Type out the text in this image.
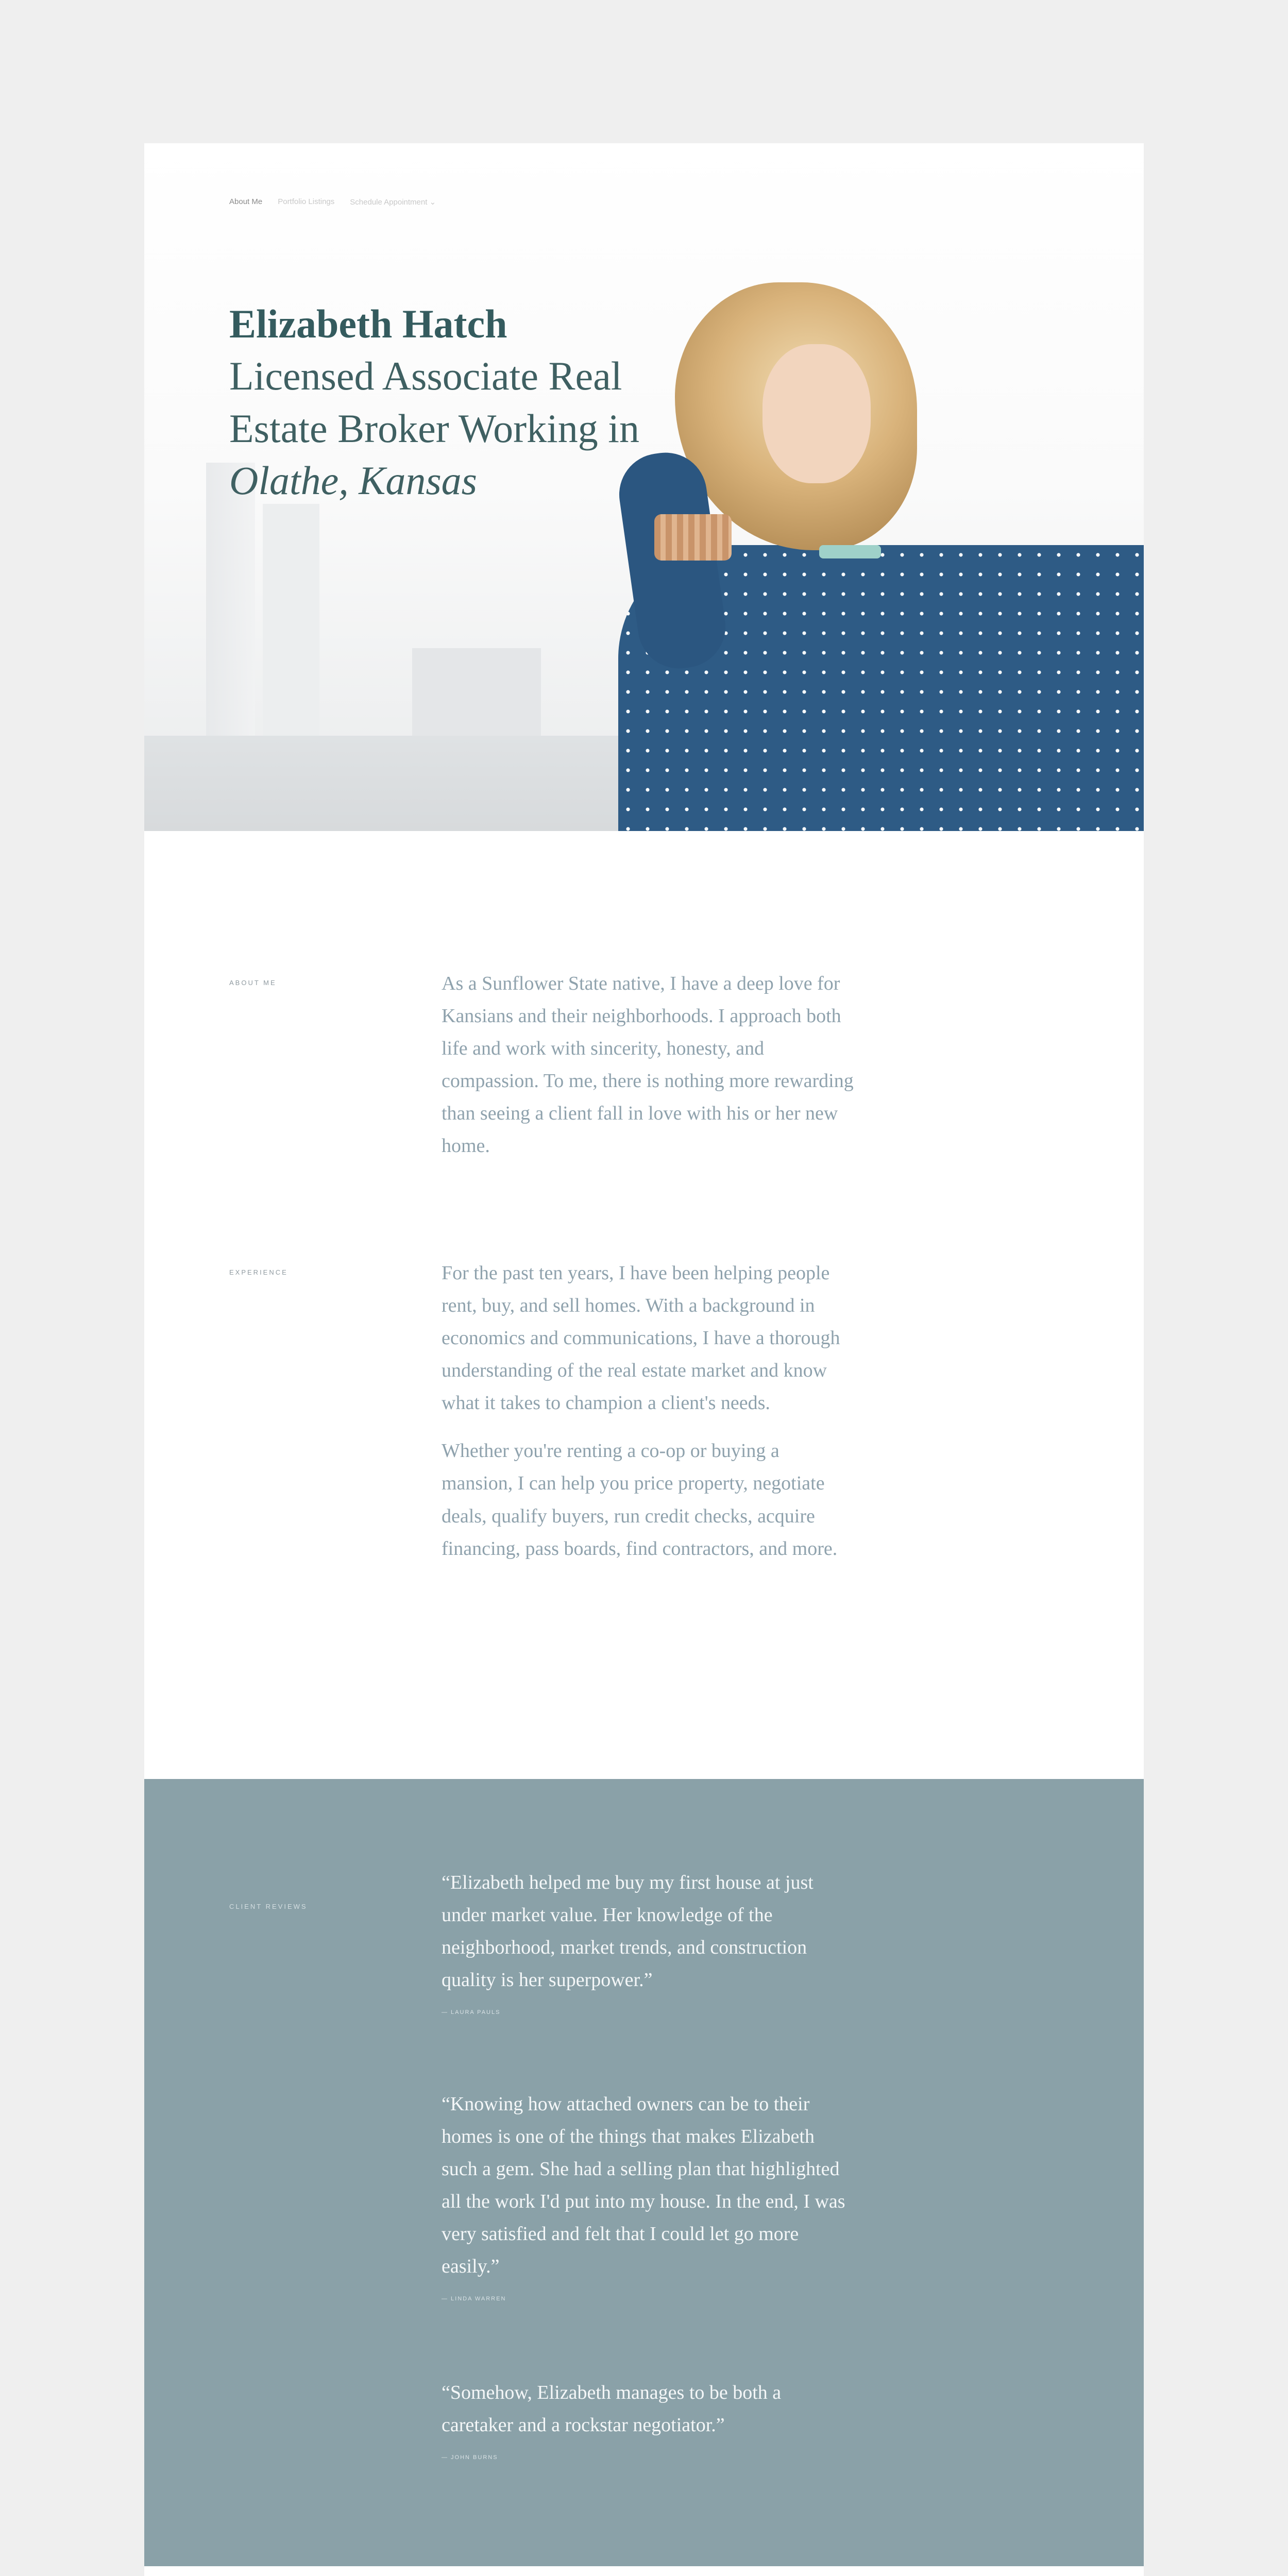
About Me Portfolio Listings Schedule Appointment ⌄
Elizabeth Hatch
Licensed Associate Real Estate Broker Working in
Olathe, Kansas
ABOUT ME	As a Sunflower State native, I have a deep love for Kansians and their neighborhoods. I approach both life and work with sincerity, honesty, and compassion. To me, there is nothing more rewarding than seeing a client fall in love with his or her new home.

EXPERIENCE	For the past ten years, I have been helping people rent, buy, and sell homes. With a background in economics and communications, I have a thorough understanding of the real estate market and know what it takes to champion a client's needs.

Whether you're renting a co-op or buying a mansion, I can help you price property, negotiate deals, qualify buyers, run credit checks, acquire financing, pass boards, find contractors, and more.

CLIENT REVIEWS
“Elizabeth helped me buy my first house at just under market value. Her knowledge of the neighborhood, market trends, and construction quality is her superpower.”
— LAURA PAULS
“Knowing how attached owners can be to their homes is one of the things that makes Elizabeth such a gem. She had a selling plan that highlighted all the work I'd put into my house. In the end, I was very satisfied and felt that I could let go more easily.”
— LINDA WARREN
“Somehow, Elizabeth manages to be both a caretaker and a rockstar negotiator.”
— JOHN BURNS
